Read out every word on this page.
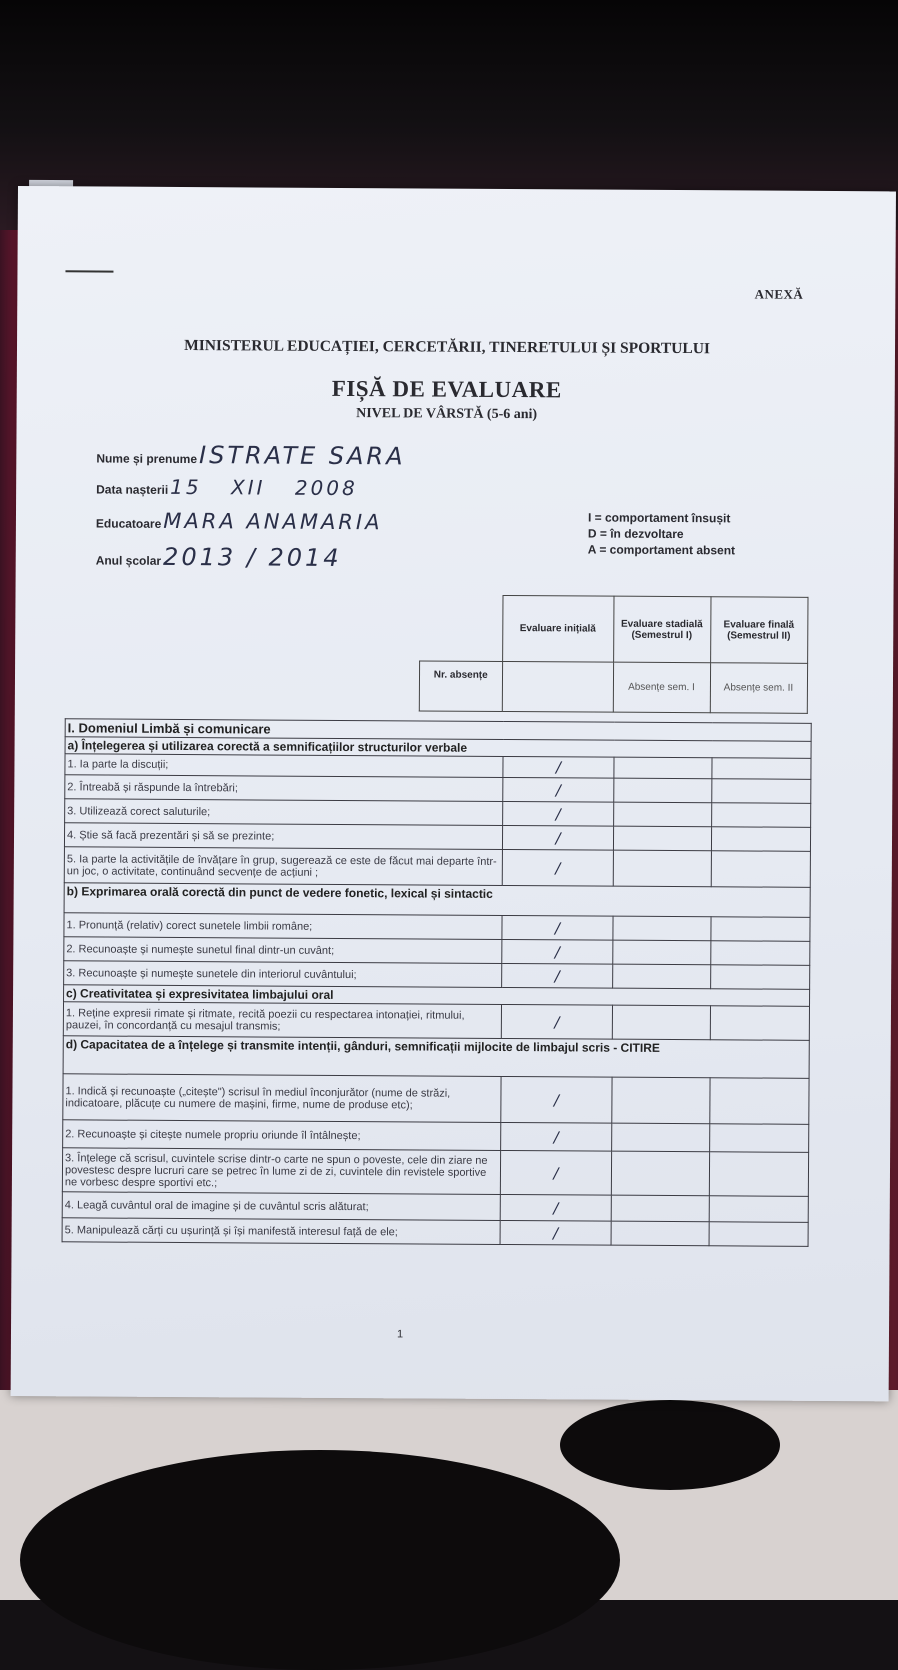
ANEXĂ
MINISTERUL EDUCAȚIEI, CERCETĂRII, TINERETULUI ȘI SPORTULUI
FIȘĂ DE EVALUARE
NIVEL DE VÂRSTĂ (5-6 ani)
Nume și prenume ISTRATE SARA
Data nașterii 15 XII 2008
Educatoare MARA ANAMARIA
Anul școlar 2013 / 2014
I = comportament însușit
D = în dezvoltare
A = comportament absent
	Evaluare inițială	Evaluare stadială (Semestrul I)	Evaluare finală (Semestrul II)
Nr. absențe		Absențe sem. I	Absențe sem. II
I. Domeniul Limbă și comunicare			
a) Înțelegerea și utilizarea corectă a semnificațiilor structurilor verbale			
1. Ia parte la discuții;	/		
2. Întreabă și răspunde la întrebări;	/		
3. Utilizează corect saluturile;	/		
4. Știe să facă prezentări și să se prezinte;	/		
5. Ia parte la activitățile de învățare în grup, sugerează ce este de făcut mai departe într-un joc, o activitate, continuând secvențe de acțiuni ;	/		
b) Exprimarea orală corectă din punct de vedere fonetic, lexical și sintactic			
1. Pronunță (relativ) corect sunetele limbii române;	/		
2. Recunoaște și numește sunetul final dintr-un cuvânt;	/		
3. Recunoaște și numește sunetele din interiorul cuvântului;	/		
c) Creativitatea și expresivitatea limbajului oral			
1. Reține expresii rimate și ritmate, recită poezii cu respectarea intonației, ritmului, pauzei, în concordanță cu mesajul transmis;	/		
d) Capacitatea de a înțelege și transmite intenții, gânduri, semnificații mijlocite de limbajul scris - CITIRE			
1. Indică și recunoaște („citește") scrisul în mediul înconjurător (nume de străzi, indicatoare, plăcuțe cu numere de mașini, firme, nume de produse etc);	/		
2. Recunoaște și citește numele propriu oriunde îl întâlnește;	/		
3. Înțelege că scrisul, cuvintele scrise dintr-o carte ne spun o poveste, cele din ziare ne povestesc despre lucruri care se petrec în lume zi de zi, cuvintele din revistele sportive ne vorbesc despre sportivi etc.;	/		
4. Leagă cuvântul oral de imagine și de cuvântul scris alăturat;	/		
5. Manipulează cărți cu ușurință și își manifestă interesul față de ele;	/		
1
